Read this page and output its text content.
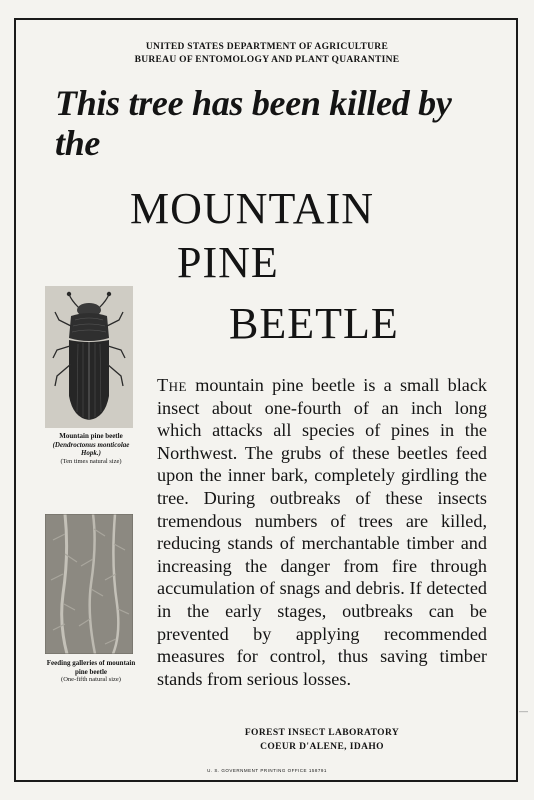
UNITED STATES DEPARTMENT OF AGRICULTURE
BUREAU OF ENTOMOLOGY AND PLANT QUARANTINE
This tree has been killed by the
MOUNTAIN
PINE
BEETLE
Mountain pine beetle
(Dendroctonus monticolae Hopk.)
(Ten times natural size)
Feeding galleries of mountain pine beetle
(One-fifth natural size)
The mountain pine beetle is a small black insect about one-fourth of an inch long which attacks all species of pines in the Northwest. The grubs of these beetles feed upon the inner bark, completely girdling the tree. During outbreaks of these insects tremendous numbers of trees are killed, reducing stands of merchantable timber and increasing the danger from fire through accumulation of snags and debris. If detected in the early stages, outbreaks can be prevented by applying recommended measures for control, thus saving timber stands from serious losses.
FOREST INSECT LABORATORY
COEUR D'ALENE, IDAHO
U. S. GOVERNMENT PRINTING OFFICE 158791
—
